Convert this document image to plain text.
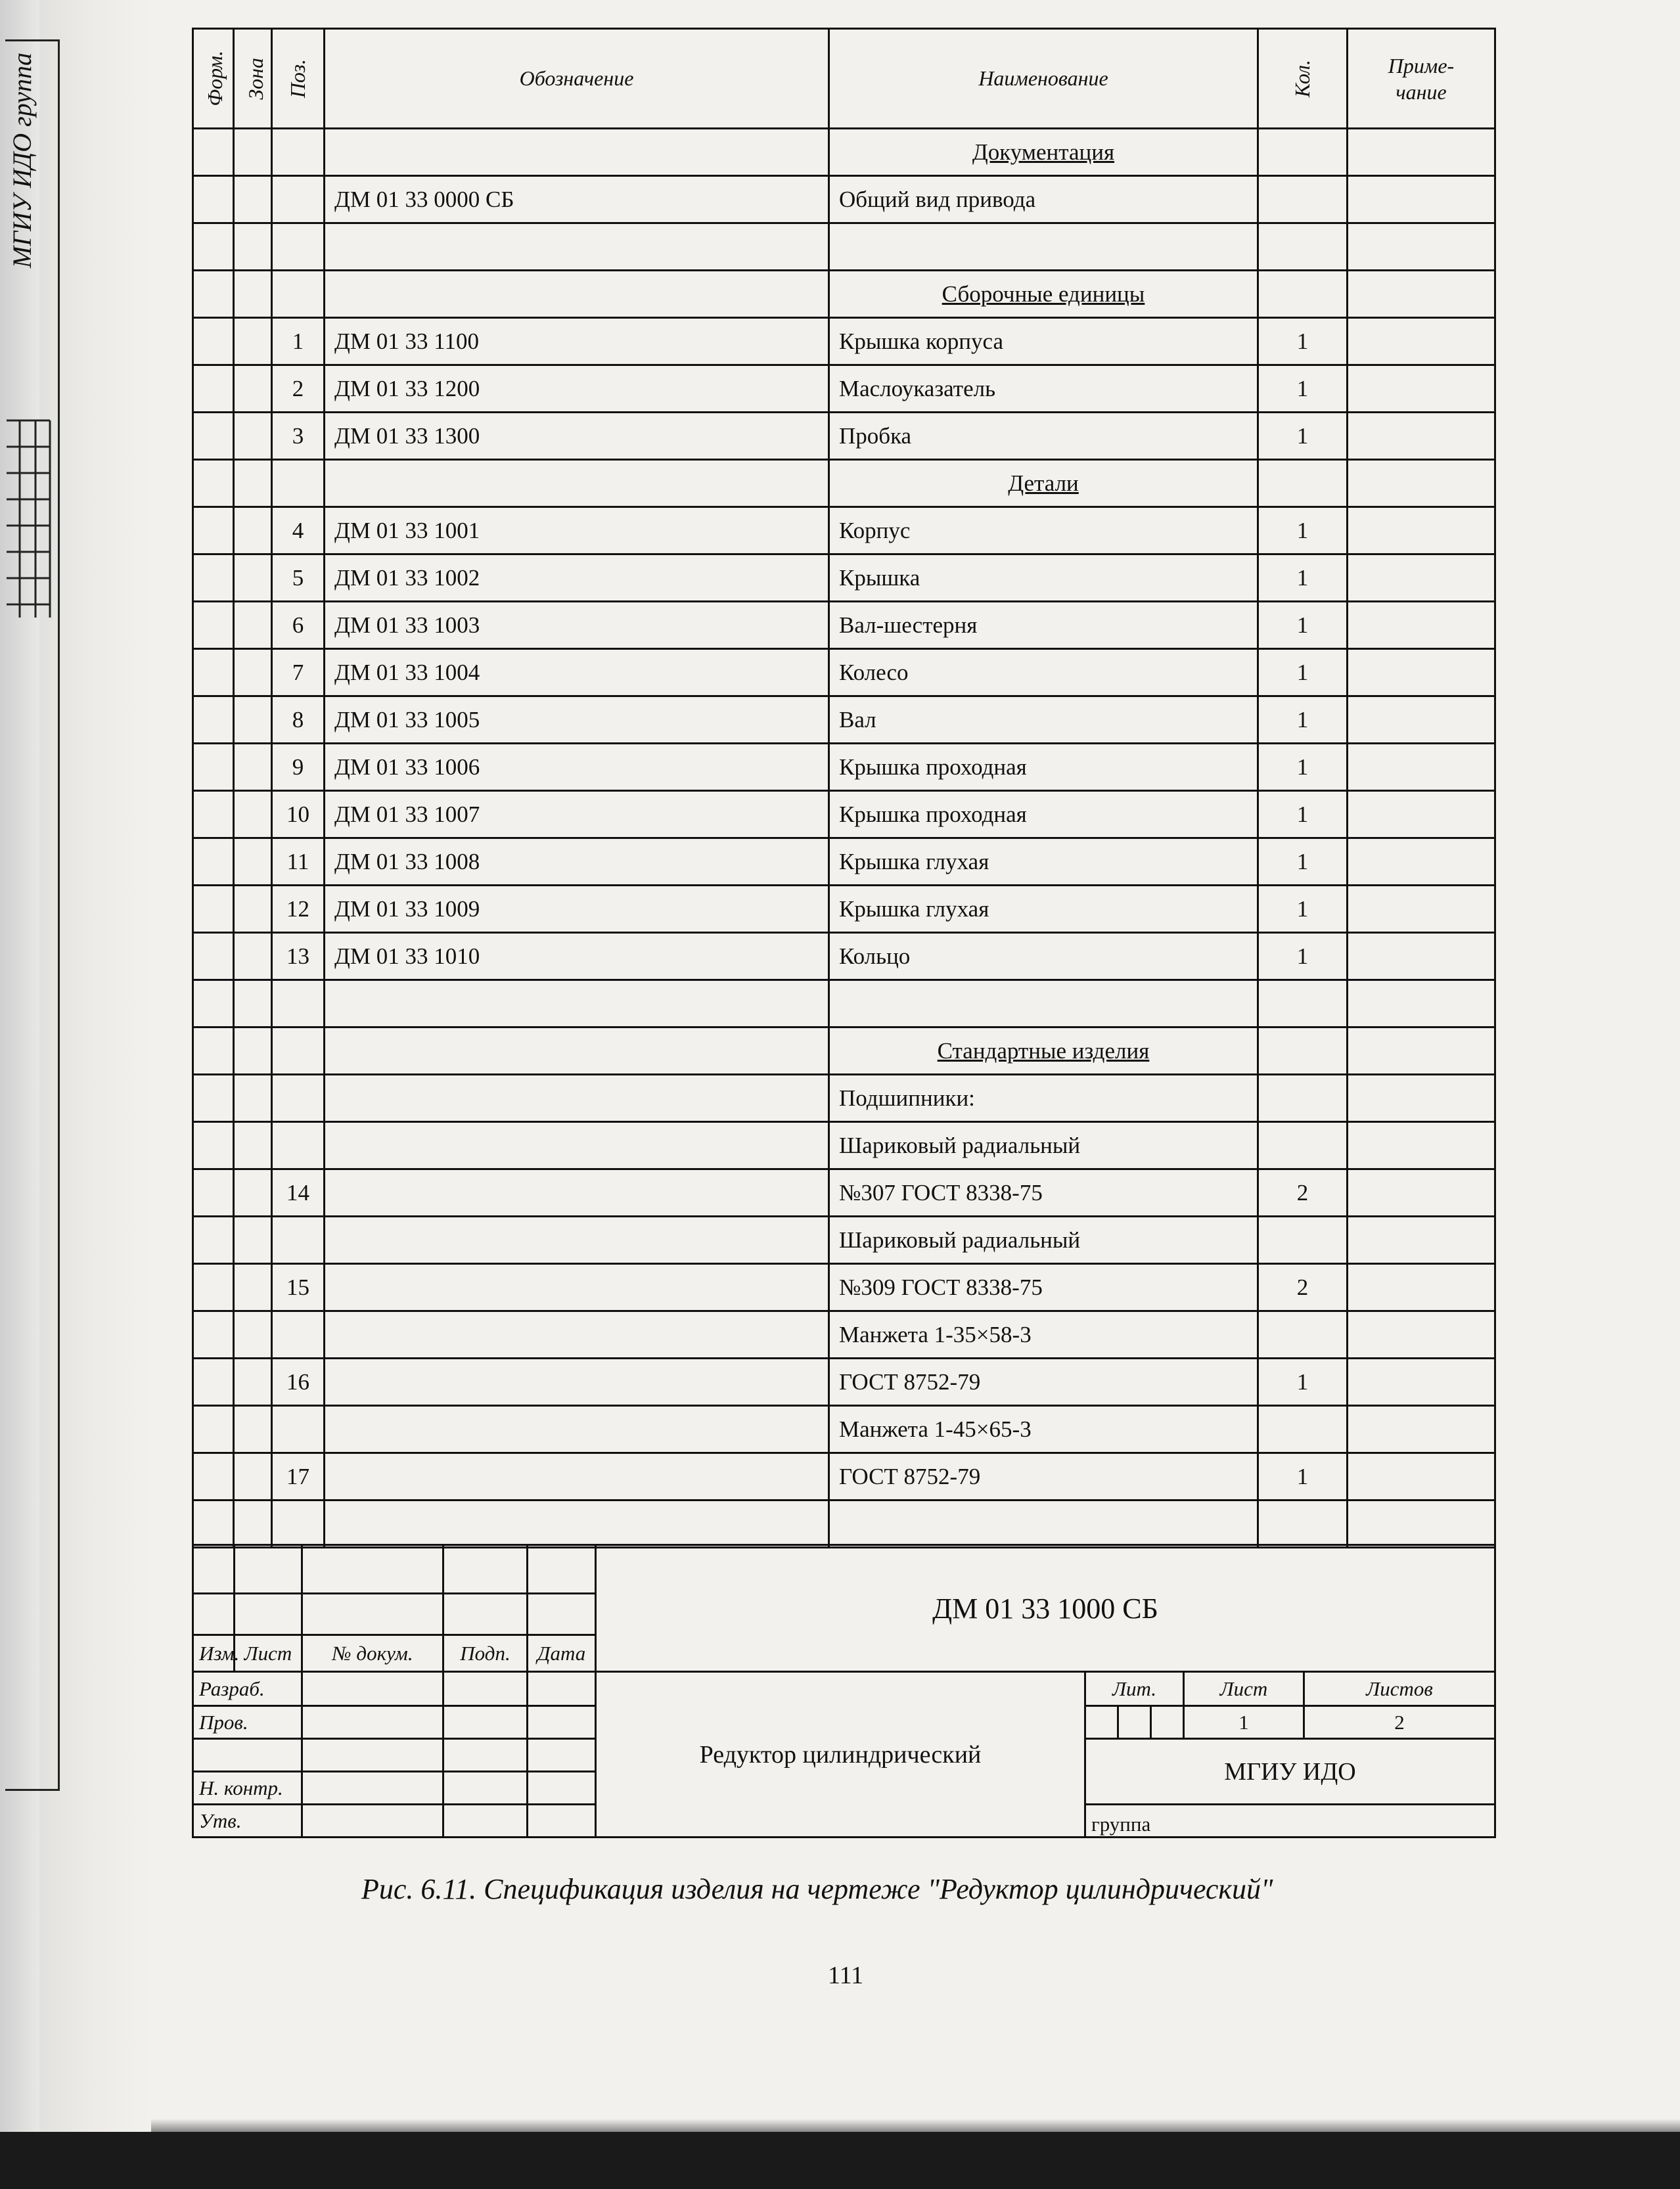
МГИУ ИДО группа	Форм.	Зона	Поз.	Обозначение	Наименование	Кол.	Приме-
чание
				Документация		
			ДМ 01 33 0000 СБ	Общий вид привода		

				Сборочные единицы		
		1	ДМ 01 33 1100	Крышка корпуса	1	
		2	ДМ 01 33 1200	Маслоуказатель	1	
		3	ДМ 01 33 1300	Пробка	1	
				Детали		
		4	ДМ 01 33 1001	Корпус	1	
		5	ДМ 01 33 1002	Крышка	1	
		6	ДМ 01 33 1003	Вал-шестерня	1	
		7	ДМ 01 33 1004	Колесо	1	
		8	ДМ 01 33 1005	Вал	1	
		9	ДМ 01 33 1006	Крышка проходная	1	
		10	ДМ 01 33 1007	Крышка проходная	1	
		11	ДМ 01 33 1008	Крышка глухая	1	
		12	ДМ 01 33 1009	Крышка глухая	1	
		13	ДМ 01 33 1010	Кольцо	1	

				Стандартные изделия		
				Подшипники:		
				Шариковый радиальный		
		14		№307 ГОСТ 8338-75	2	
				Шариковый радиальный		
		15		№309 ГОСТ 8338-75	2	
				Манжета 1-35×58-3		
		16		ГОСТ 8752-79	1	
				Манжета 1-45×65-3		
		17		ГОСТ 8752-79	1	

					ДМ 01 33 1000 СБ					

Изм.	Лист	№ докум.	Подп.	Дата						
Разраб.					Редуктор цилиндрический	Лит.			Лист	Листов
Пров.									1	2
						МГИУ ИДО				
Н. контр.										
Утв.						группа				
Рис. 6.11. Спецификация изделия на чертеже "Редуктор цилиндрический"
111
